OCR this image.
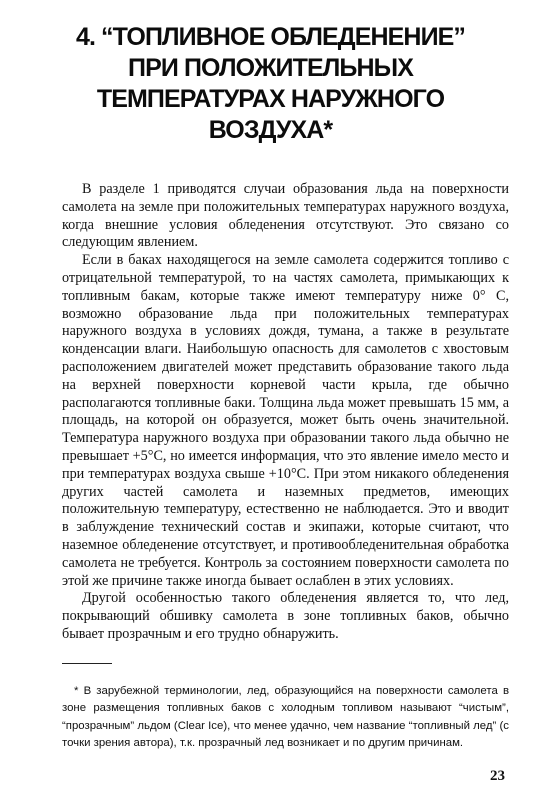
4. “ТОПЛИВНОЕ ОБЛЕДЕНЕНИЕ”
ПРИ ПОЛОЖИТЕЛЬНЫХ
ТЕМПЕРАТУРАХ НАРУЖНОГО
ВОЗДУХА*

В разделе 1 приводятся случаи образования льда на поверхности самолета на земле при положительных температурах наружного воздуха, когда внешние условия обледенения отсутствуют. Это связано со следующим явлением.

Если в баках находящегося на земле самолета содержится топливо с отрицательной температурой, то на частях самолета, примыкающих к топливным бакам, которые также имеют температуру ниже 0° С, возможно образование льда при положительных температурах наружного воздуха в условиях дождя, тумана, а также в результате конденсации влаги. Наибольшую опасность для самолетов с хвостовым расположением двигателей может представить образование такого льда на верхней поверхности корневой части крыла, где обычно располагаются топливные баки. Толщина льда может превышать 15 мм, а площадь, на которой он образуется, может быть очень значительной. Температура наружного воздуха при образовании такого льда обычно не превышает +5°С, но имеется информация, что это явление имело место и при температурах воздуха свыше +10°С. При этом никакого обледенения других частей самолета и наземных предметов, имеющих положительную температуру, естественно не наблюдается. Это и вводит в заблуждение технический состав и экипажи, которые считают, что наземное обледенение отсутствует, и противообледенительная обработка самолета не требуется. Контроль за состоянием поверхности самолета по этой же причине также иногда бывает ослаблен в этих условиях.

Другой особенностью такого обледенения является то, что лед, покрывающий обшивку самолета в зоне топливных баков, обычно бывает прозрачным и его трудно обнаружить.

* В зарубежной терминологии, лед, образующийся на поверхности самолета в зоне размещения топливных баков с холодным топливом называют “чистым”, “прозрачным” льдом (Clear Ice), что менее удачно, чем название “топливный лед” (с точки зрения автора), т.к. прозрачный лед возникает и по другим причинам.

23
